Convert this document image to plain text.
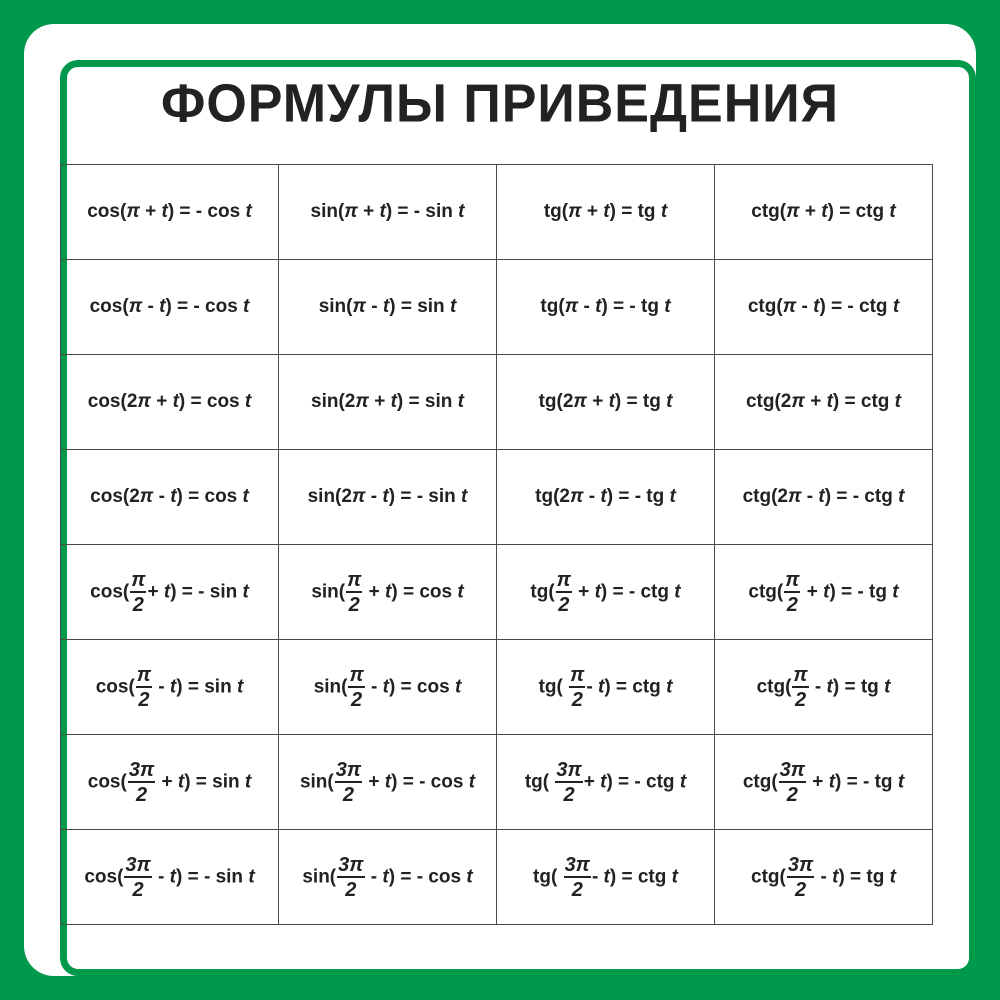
ФОРМУЛЫ ПРИВЕДЕНИЯ
cos(π + t) = - cos t	sin(π + t) = - sin t	tg(π + t) = tg t	ctg(π + t) = ctg t
cos(π - t) = - cos t	sin(π - t) = sin t	tg(π - t) = - tg t	ctg(π - t) = - ctg t
cos(2π + t) = cos t	sin(2π + t) = sin t	tg(2π + t) = tg t	ctg(2π + t) = ctg t
cos(2π - t) = cos t	sin(2π - t) = - sin t	tg(2π - t) = - tg t	ctg(2π - t) = - ctg t
$\cos( \frac{\pi}{2} + t)$ = - sin t	$\sin( \frac{\pi}{2} + t) = \cos t$	$tg( \frac{\pi}{2} + t)$ = - ctg t	$ctg( \frac{\pi}{2} + t)$ = - tg t
$\cos( \frac{\pi}{2} - t) = \sin t$	$\sin( \frac{\pi}{2} - t) = \cos t$	$tg( \frac{\pi}{2} - t)$ = ctg t	$ctg( \frac{\pi}{2} - t)$ = tg t
$\cos( \frac{3\pi}{2} + t) = \sin t$	$\sin( \frac{3\pi}{2} + t)$ = - cos t	$tg( \frac{3\pi}{2} + t)$ = - ctg t	$ctg( \frac{3\pi}{2} + t)$ = - tg t
$\cos( \frac{3\pi}{2} - t)$ = - sin t	$\sin( \frac{3\pi}{2} - t)$ = - cos t	$tg( \frac{3\pi}{2} - t)$ = ctg t	$ctg( \frac{3\pi}{2} - t)$ = tg t
